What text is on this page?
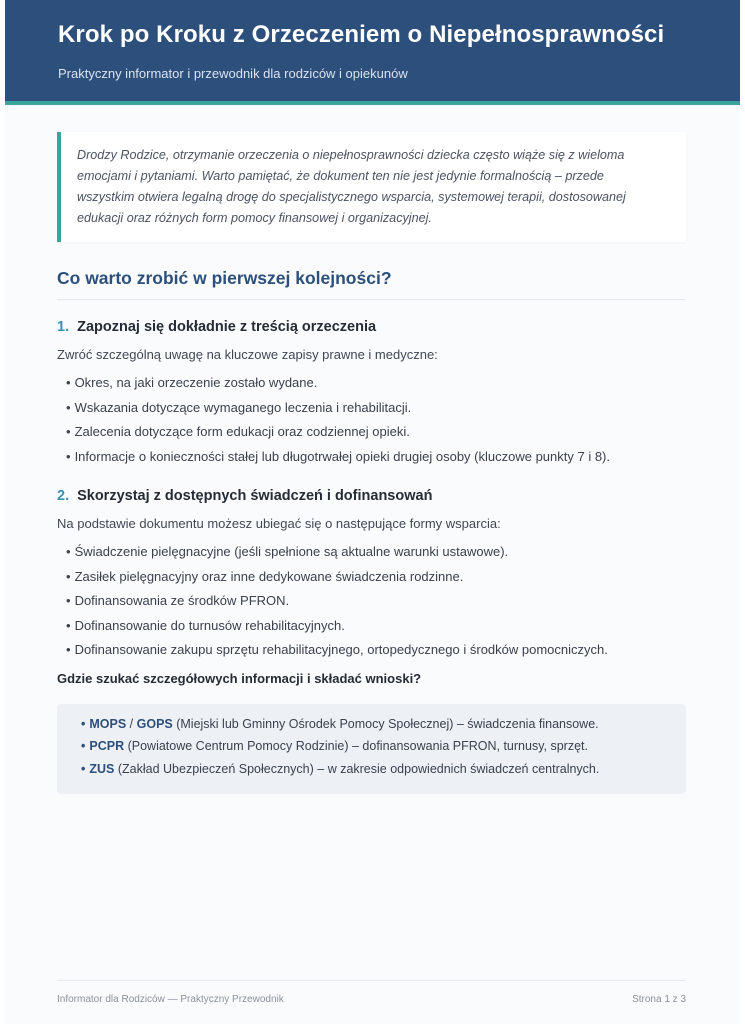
Krok po Kroku z Orzeczeniem o Niepełnosprawności
Praktyczny informator i przewodnik dla rodziców i opiekunów
Drodzy Rodzice, otrzymanie orzeczenia o niepełnosprawności dziecka często wiąże się z wieloma emocjami i pytaniami. Warto pamiętać, że dokument ten nie jest jedynie formalnością – przede wszystkim otwiera legalną drogę do specjalistycznego wsparcia, systemowej terapii, dostosowanej edukacji oraz różnych form pomocy finansowej i organizacyjnej.
Co warto zrobić w pierwszej kolejności?
1. Zapoznaj się dokładnie z treścią orzeczenia
Zwróć szczególną uwagę na kluczowe zapisy prawne i medyczne:
• Okres, na jaki orzeczenie zostało wydane.
• Wskazania dotyczące wymaganego leczenia i rehabilitacji.
• Zalecenia dotyczące form edukacji oraz codziennej opieki.
• Informacje o konieczności stałej lub długotrwałej opieki drugiej osoby (kluczowe punkty 7 i 8).
2. Skorzystaj z dostępnych świadczeń i dofinansowań
Na podstawie dokumentu możesz ubiegać się o następujące formy wsparcia:
• Świadczenie pielęgnacyjne (jeśli spełnione są aktualne warunki ustawowe).
• Zasiłek pielęgnacyjny oraz inne dedykowane świadczenia rodzinne.
• Dofinansowania ze środków PFRON.
• Dofinansowanie do turnusów rehabilitacyjnych.
• Dofinansowanie zakupu sprzętu rehabilitacyjnego, ortopedycznego i środków pomocniczych.
Gdzie szukać szczegółowych informacji i składać wnioski?
• MOPS / GOPS (Miejski lub Gminny Ośrodek Pomocy Społecznej) – świadczenia finansowe.
• PCPR (Powiatowe Centrum Pomocy Rodzinie) – dofinansowania PFRON, turnusy, sprzęt.
• ZUS (Zakład Ubezpieczeń Społecznych) – w zakresie odpowiednich świadczeń centralnych.
Informator dla Rodziców — Praktyczny Przewodnik	Strona 1 z 3
